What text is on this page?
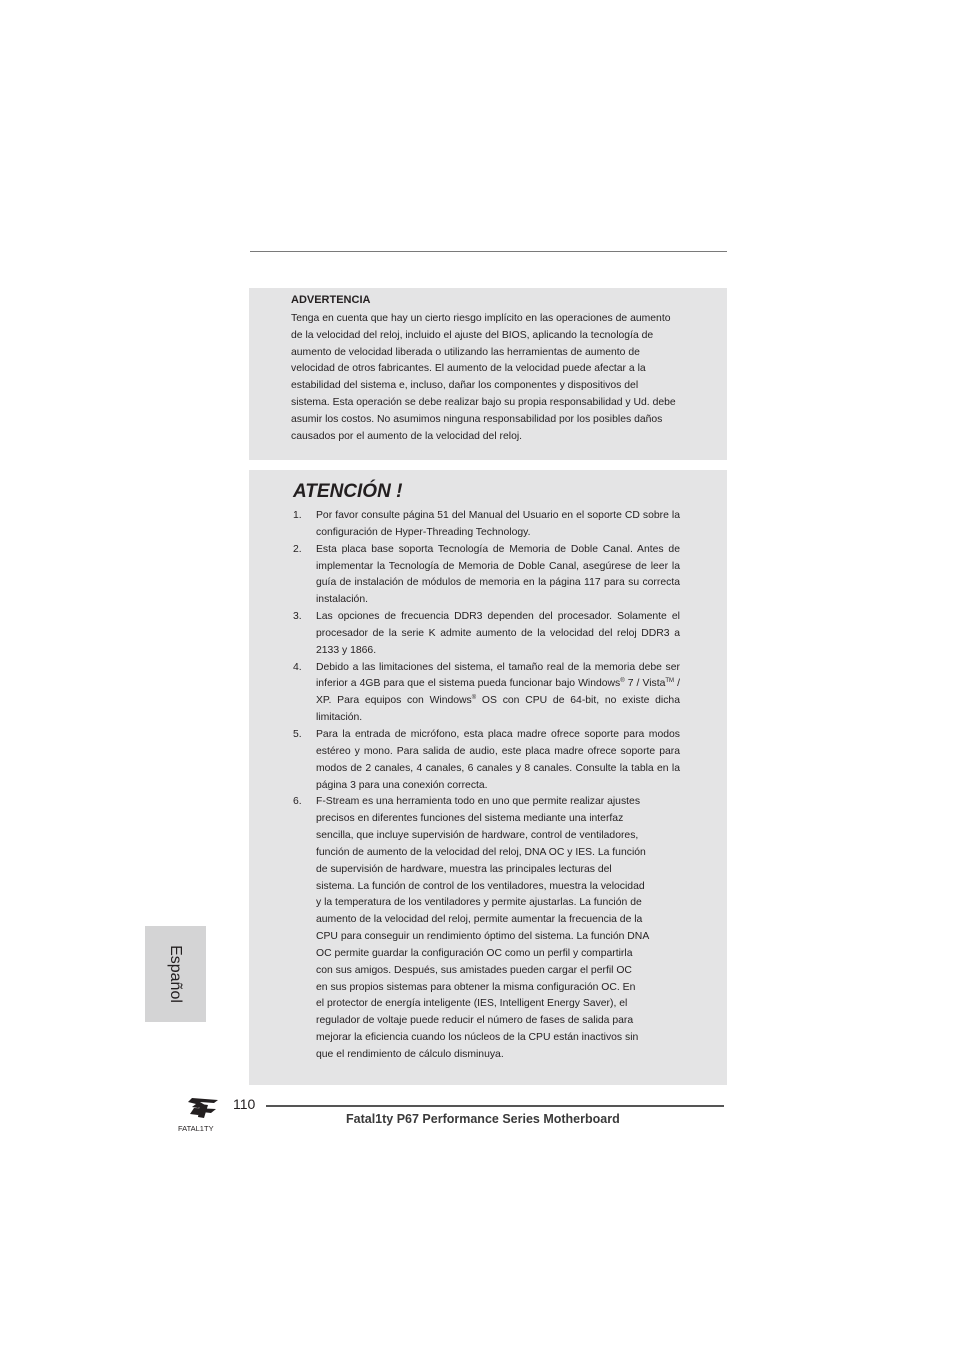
ADVERTENCIA
Tenga en cuenta que hay un cierto riesgo implícito en las operaciones de aumento
de la velocidad del reloj, incluido el ajuste del BIOS, aplicando la tecnología de
aumento de velocidad liberada o utilizando las herramientas de aumento de
velocidad de otros fabricantes. El aumento de la velocidad puede afectar a la
estabilidad del sistema e, incluso, dañar los componentes y dispositivos del
sistema. Esta operación se debe realizar bajo su propia responsabilidad y Ud. debe
asumir los costos. No asumimos ninguna responsabilidad por los posibles daños
causados por el aumento de la velocidad del reloj.
ATENCIÓN !
1. Por favor consulte página 51 del Manual del Usuario en el soporte CD sobre la configuración de Hyper-Threading Technology.
2. Esta placa base soporta Tecnología de Memoria de Doble Canal. Antes de implementar la Tecnología de Memoria de Doble Canal, asegúrese de leer la guía de instalación de módulos de memoria en la página 117 para su correcta instalación.
3. Las opciones de frecuencia DDR3 dependen del procesador. Solamente el procesador de la serie K admite aumento de la velocidad del reloj DDR3 a 2133 y 1866.
4. Debido a las limitaciones del sistema, el tamaño real de la memoria debe ser inferior a 4GB para que el sistema pueda funcionar bajo Windows® 7 / Vista™ / XP. Para equipos con Windows® OS con CPU de 64-bit, no existe dicha limitación.
5. Para la entrada de micrófono, esta placa madre ofrece soporte para modos estéreo y mono. Para salida de audio, este placa madre ofrece soporte para modos de 2 canales, 4 canales, 6 canales y 8 canales. Consulte la tabla en la página 3 para una conexión correcta.
6. F-Stream es una herramienta todo en uno que permite realizar ajustes
precisos en diferentes funciones del sistema mediante una interfaz
sencilla, que incluye supervisión de hardware, control de ventiladores,
función de aumento de la velocidad del reloj, DNA OC y IES. La función
de supervisión de hardware, muestra las principales lecturas del
sistema. La función de control de los ventiladores, muestra la velocidad
y la temperatura de los ventiladores y permite ajustarlas. La función de
aumento de la velocidad del reloj, permite aumentar la frecuencia de la
CPU para conseguir un rendimiento óptimo del sistema. La función DNA
OC permite guardar la configuración OC como un perfil y compartirla
con sus amigos. Después, sus amistades pueden cargar el perfil OC
en sus propios sistemas para obtener la misma configuración OC. En
el protector de energía inteligente (IES, Intelligent Energy Saver), el
regulador de voltaje puede reducir el número de fases de salida para
mejorar la eficiencia cuando los núcleos de la CPU están inactivos sin
que el rendimiento de cálculo disminuya.
Español
FATAL1TY
110
Fatal1ty P67 Performance Series Motherboard
